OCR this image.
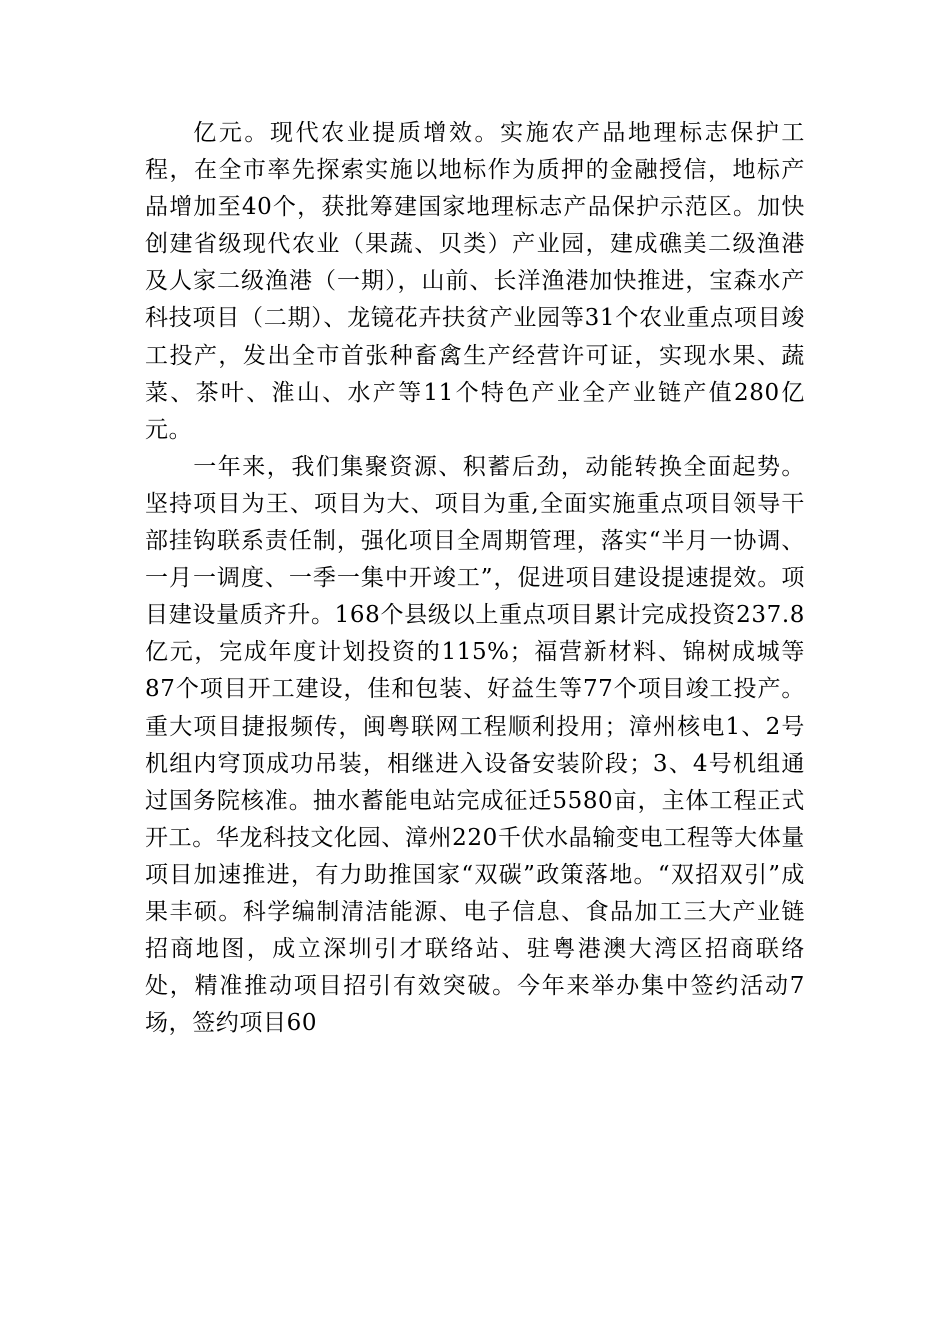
亿元。现代农业提质增效。实施农产品地理标志保护工程，在全市率先探索实施以地标作为质押的金融授信，地标产品增加至40个，获批筹建国家地理标志产品保护示范区。加快创建省级现代农业（果蔬、贝类）产业园，建成礁美二级渔港及人家二级渔港（一期），山前、长洋渔港加快推进，宝森水产科技项目（二期）、龙镜花卉扶贫产业园等31个农业重点项目竣工投产，发出全市首张种畜禽生产经营许可证，实现水果、蔬菜、茶叶、淮山、水产等11个特色产业全产业链产值280亿元。

一年来，我们集聚资源、积蓄后劲，动能转换全面起势。坚持项目为王、项目为大、项目为重,全面实施重点项目领导干部挂钩联系责任制，强化项目全周期管理，落实“半月一协调、一月一调度、一季一集中开竣工”，促进项目建设提速提效。项目建设量质齐升。168个县级以上重点项目累计完成投资237.8亿元，完成年度计划投资的115%；福营新材料、锦树成城等87个项目开工建设，佳和包装、好益生等77个项目竣工投产。重大项目捷报频传，闽粤联网工程顺利投用；漳州核电1、2号机组内穹顶成功吊装，相继进入设备安装阶段；3、4号机组通过国务院核准。抽水蓄能电站完成征迁5580亩，主体工程正式开工。华龙科技文化园、漳州220千伏水晶输变电工程等大体量项目加速推进，有力助推国家“双碳”政策落地。“双招双引”成果丰硕。科学编制清洁能源、电子信息、食品加工三大产业链招商地图，成立深圳引才联络站、驻粤港澳大湾区招商联络处，精准推动项目招引有效突破。今年来举办集中签约活动7场，签约项目60
